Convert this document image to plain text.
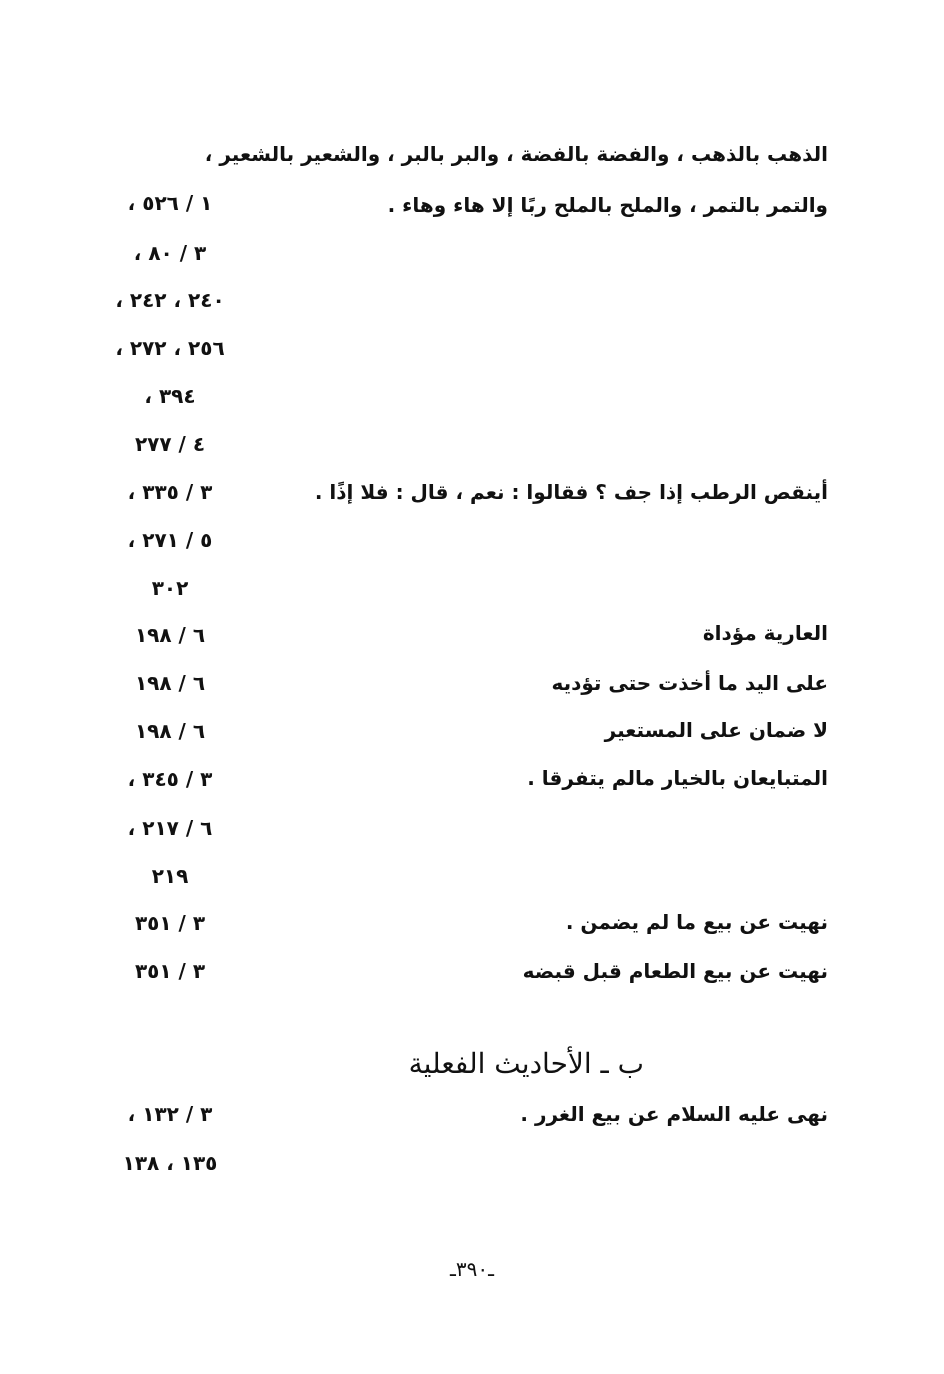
الذهب بالذهب ، والفضة بالفضة ، والبر بالبر ، والشعير بالشعير ،
والتمر بالتمر ، والملح بالملح ربًا إلا هاء وهاء .
أينقص الرطب إذا جف ؟ فقالوا : نعم ، قال : فلا إذًا .
العارية مؤداة
على اليد ما أخذت حتى تؤديه
لا ضمان على المستعير
المتبايعان بالخيار مالم يتفرقا .
نهيت عن بيع ما لم يضمن .
نهيت عن بيع الطعام قبل قبضه
نهى عليه السلام عن بيع الغرر .
١ / ٥٢٦ ،
٣ / ٨٠ ،
٢٤٠ ، ٢٤٢ ،
٢٥٦ ، ٢٧٢ ،
٣٩٤ ،
٤ / ٢٧٧
٣ / ٣٣٥ ،
٥ / ٢٧١ ،
٣٠٢
٦ / ١٩٨
٦ / ١٩٨
٦ / ١٩٨
٣ / ٣٤٥ ،
٦ / ٢١٧ ،
٢١٩
٣ / ٣٥١
٣ / ٣٥١
٣ / ١٣٢ ،
١٣٥ ، ١٣٨
ب ـ الأحاديث الفعلية
ـ٣٩٠ـ
